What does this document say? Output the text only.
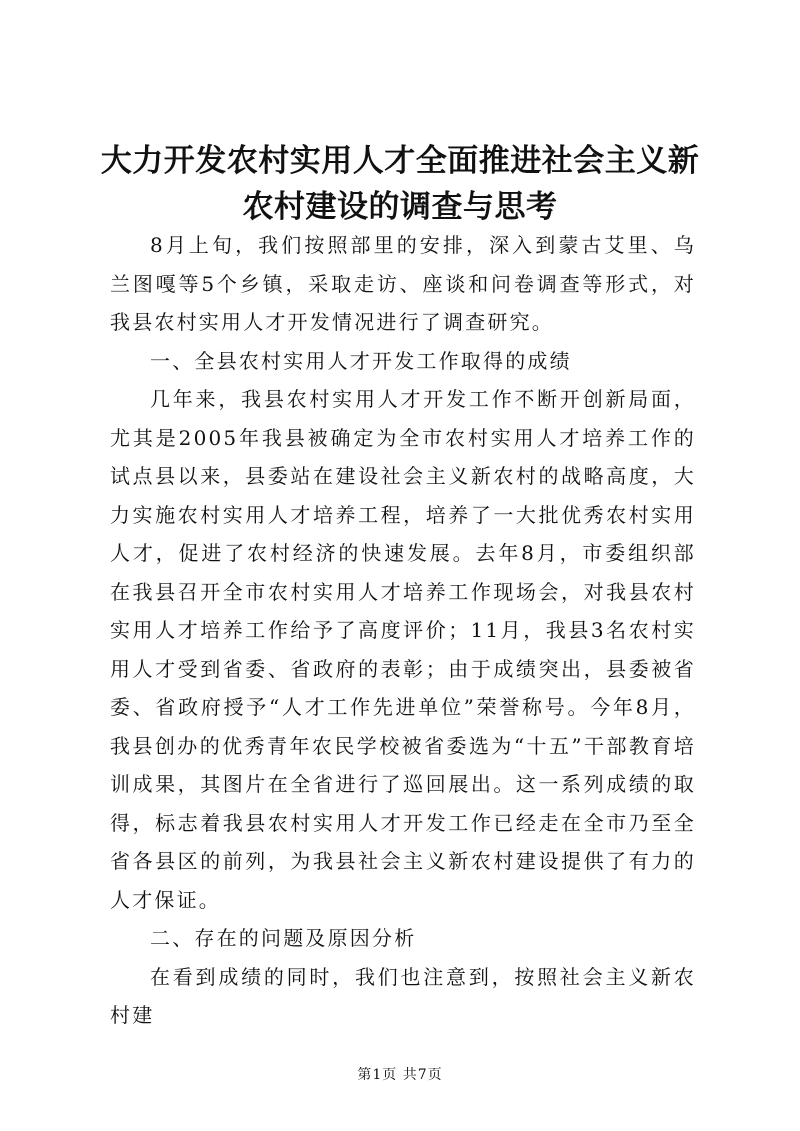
大力开发农村实用人才全面推进社会主义新农村建设的调查与思考

8月上旬，我们按照部里的安排，深入到蒙古艾里、乌兰图嘎等5个乡镇，采取走访、座谈和问卷调查等形式，对我县农村实用人才开发情况进行了调查研究。

一、全县农村实用人才开发工作取得的成绩

几年来，我县农村实用人才开发工作不断开创新局面，尤其是2005年我县被确定为全市农村实用人才培养工作的试点县以来，县委站在建设社会主义新农村的战略高度，大力实施农村实用人才培养工程，培养了一大批优秀农村实用人才，促进了农村经济的快速发展。去年8月，市委组织部在我县召开全市农村实用人才培养工作现场会，对我县农村实用人才培养工作给予了高度评价；11月，我县3名农村实用人才受到省委、省政府的表彰；由于成绩突出，县委被省委、省政府授予“人才工作先进单位”荣誉称号。今年8月，我县创办的优秀青年农民学校被省委选为“十五”干部教育培训成果，其图片在全省进行了巡回展出。这一系列成绩的取得，标志着我县农村实用人才开发工作已经走在全市乃至全省各县区的前列，为我县社会主义新农村建设提供了有力的人才保证。

二、存在的问题及原因分析

在看到成绩的同时，我们也注意到，按照社会主义新农村建

第1页 共7页
